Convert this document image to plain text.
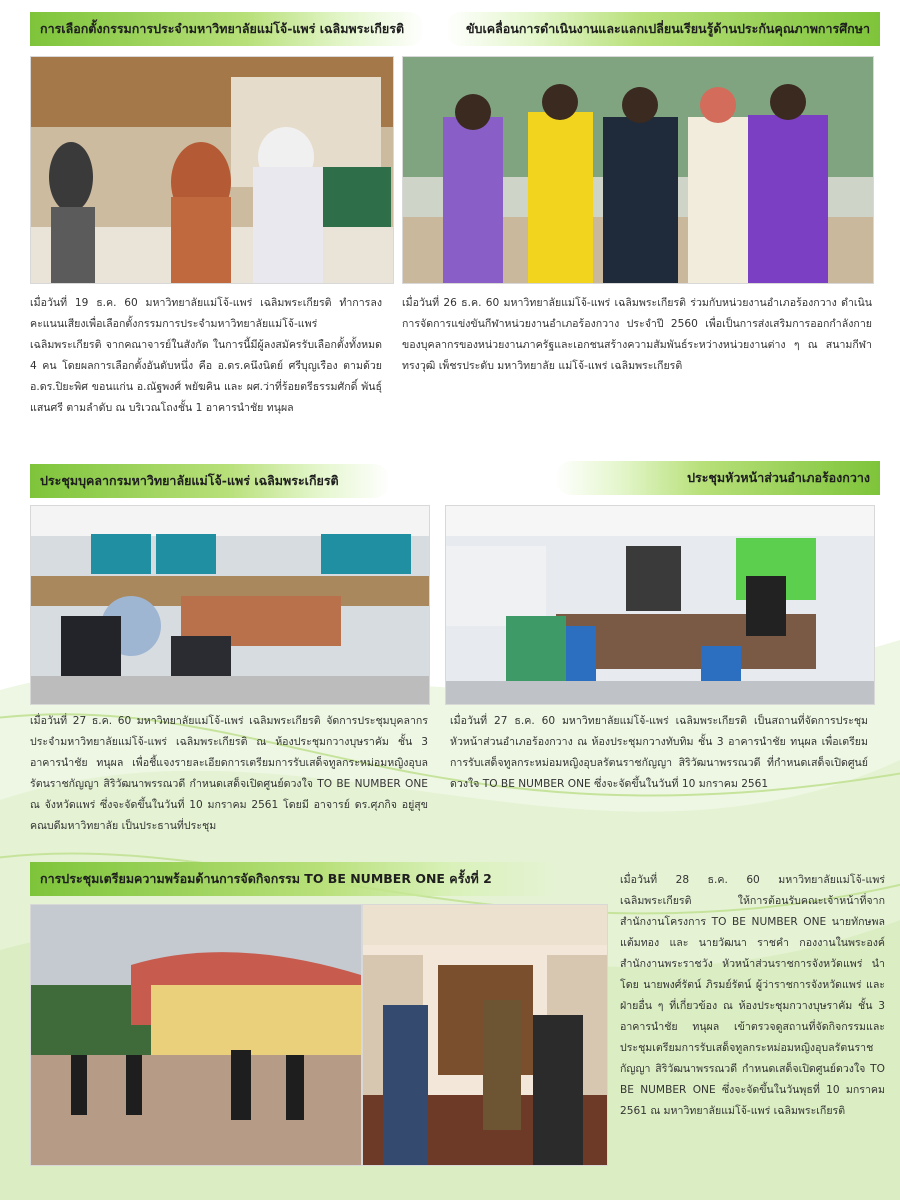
การเลือกตั้งกรรมการประจำมหาวิทยาลัยแม่โจ้-แพร่ เฉลิมพระเกียรติ
เมื่อวันที่ 19 ธ.ค. 60 มหาวิทยาลัยแม่โจ้-แพร่ เฉลิมพระเกียรติ ทำการลงคะแนนเสียงเพื่อเลือกตั้งกรรมการประจำมหาวิทยาลัยแม่โจ้-แพร่ เฉลิมพระเกียรติ จากคณาจารย์ในสังกัด ในการนี้มีผู้ลงสมัครรับเลือกตั้งทั้งหมด 4 คน โดยผลการเลือกตั้งอันดับหนึ่ง คือ อ.ดร.คนึงนิตย์ ศรีบุญเรือง ตามด้วย อ.ดร.ปิยะพิศ ขอนแก่น อ.ณัฐพงศ์ พยัฆคิน และ ผศ.ว่าที่ร้อยตรีธรรมศักดิ์ พันธุ์แสนศรี ตามลำดับ ณ บริเวณโถงชั้น 1 อาคารนำชัย ทนุผล
ขับเคลื่อนการดำเนินงานและแลกเปลี่ยนเรียนรู้ด้านประกันคุณภาพการศึกษา
เมื่อวันที่ 26 ธ.ค. 60 มหาวิทยาลัยแม่โจ้-แพร่ เฉลิมพระเกียรติ ร่วมกับหน่วยงานอำเภอร้องกวาง ดำเนินการจัดการแข่งขันกีฬาหน่วยงานอำเภอร้องกวาง ประจำปี 2560 เพื่อเป็นการส่งเสริมการออกกำลังกายของบุคลากรของหน่วยงานภาครัฐและเอกชนสร้างความสัมพันธ์ระหว่างหน่วยงานต่าง ๆ ณ สนามกีฬาทรงวุฒิ เพ็ชรประดับ มหาวิทยาลัย แม่โจ้-แพร่ เฉลิมพระเกียรติ
ประชุมบุคลากรมหาวิทยาลัยแม่โจ้-แพร่ เฉลิมพระเกียรติ
เมื่อวันที่ 27 ธ.ค. 60 มหาวิทยาลัยแม่โจ้-แพร่ เฉลิมพระเกียรติ จัดการประชุมบุคลากรประจำมหาวิทยาลัยแม่โจ้-แพร่ เฉลิมพระเกียรติ ณ ห้องประชุมกวางบุษราคัม ชั้น 3 อาคารนำชัย ทนุผล เพื่อชี้แจงรายละเอียดการเตรียมการรับเสด็จทูลกระหม่อมหญิงอุบลรัตนราชกัญญา สิริวัฒนาพรรณวดี กำหนดเสด็จเปิดศูนย์ดวงใจ TO BE NUMBER ONE ณ จังหวัดแพร่ ซึ่งจะจัดขึ้นในวันที่ 10 มกราคม 2561 โดยมี อาจารย์ ดร.ศุภกิจ อยู่สุข คณบดีมหาวิทยาลัย เป็นประธานที่ประชุม
ประชุมหัวหน้าส่วนอำเภอร้องกวาง
เมื่อวันที่ 27 ธ.ค. 60 มหาวิทยาลัยแม่โจ้-แพร่ เฉลิมพระเกียรติ เป็นสถานที่จัดการประชุมหัวหน้าส่วนอำเภอร้องกวาง ณ ห้องประชุมกวางทับทิม ชั้น 3 อาคารนำชัย ทนุผล เพื่อเตรียมการรับเสด็จทูลกระหม่อมหญิงอุบลรัตนราชกัญญา สิริวัฒนาพรรณวดี ที่กำหนดเสด็จเปิดศูนย์ดวงใจ TO BE NUMBER ONE ซึ่งจะจัดขึ้นในวันที่ 10 มกราคม 2561
การประชุมเตรียมความพร้อมด้านการจัดกิจกรรม TO BE NUMBER ONE ครั้งที่ 2	เมื่อวันที่ 28 ธ.ค. 60 มหาวิทยาลัยแม่โจ้-แพร่ เฉลิมพระเกียรติ ให้การต้อนรับคณะเจ้าหน้าที่จากสำนักงานโครงการ TO BE NUMBER ONE นายทักษพล แต้มทอง และ นายวัฒนา ราชคำ กองงานในพระองค์ สำนักงานพระราชวัง หัวหน้าส่วนราชการจังหวัดแพร่ นำโดย นายพงศ์รัตน์ ภิรมย์รัตน์ ผู้ว่าราชการจังหวัดแพร่ และฝ่ายอื่น ๆ ที่เกี่ยวข้อง ณ ห้องประชุมกวางบุษราคัม ชั้น 3 อาคารนำชัย ทนุผล เข้าตรวจดูสถานที่จัดกิจกรรมและประชุมเตรียมการรับเสด็จทูลกระหม่อมหญิงอุบลรัตนราชกัญญา สิริวัฒนาพรรณวดี กำหนดเสด็จเปิดศูนย์ดวงใจ TO BE NUMBER ONE ซึ่งจะจัดขึ้นในวันพุธที่ 10 มกราคม 2561 ณ มหาวิทยาลัยแม่โจ้-แพร่ เฉลิมพระเกียรติ
